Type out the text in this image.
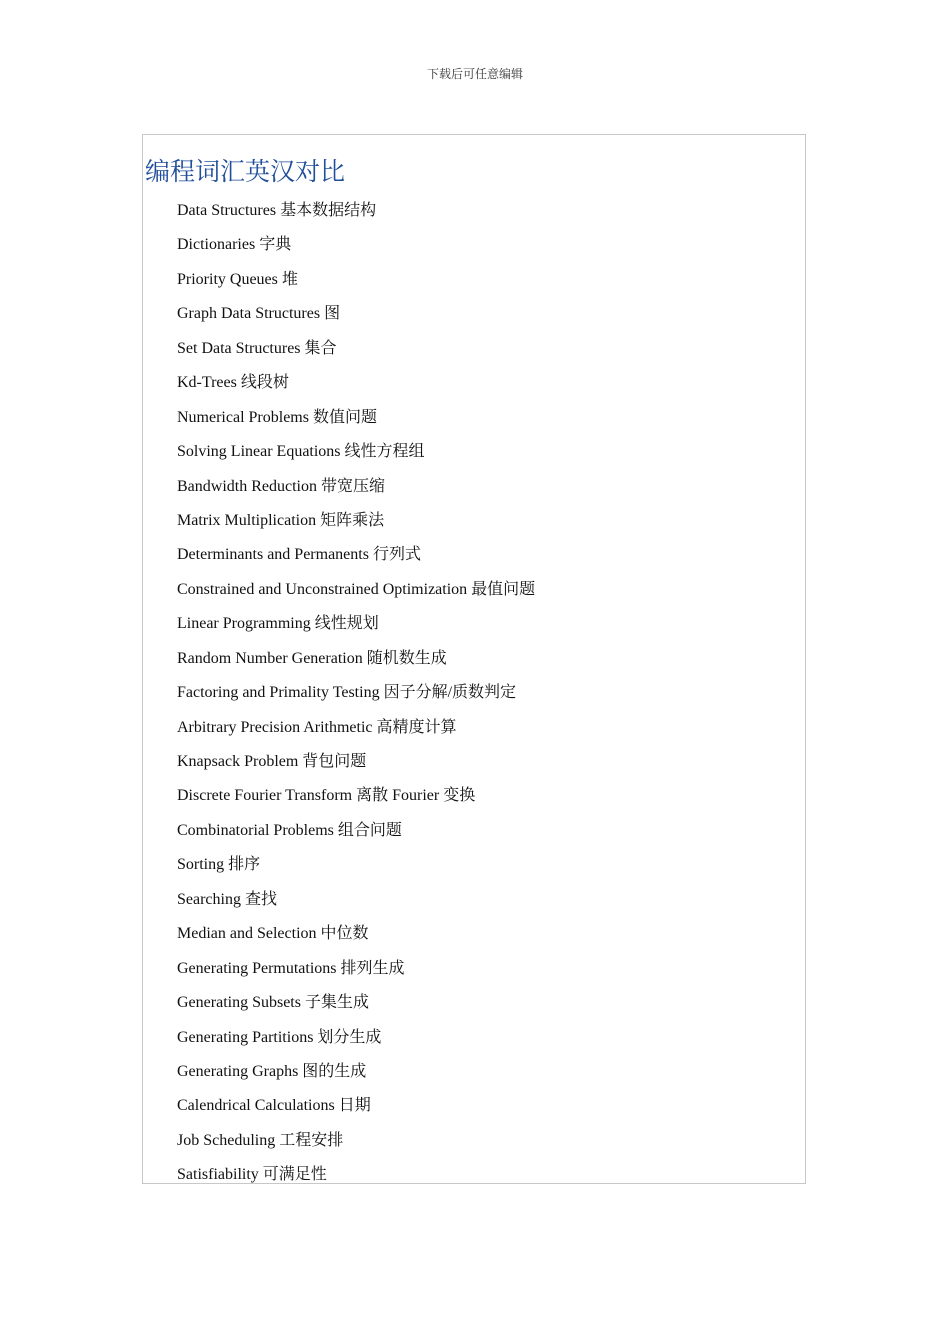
下载后可任意编辑
编程词汇英汉对比
Data Structures 基本数据结构
Dictionaries 字典
Priority Queues 堆
Graph Data Structures 图
Set Data Structures 集合
Kd-Trees 线段树
Numerical Problems 数值问题
Solving Linear Equations 线性方程组
Bandwidth Reduction 带宽压缩
Matrix Multiplication 矩阵乘法
Determinants and Permanents 行列式
Constrained and Unconstrained Optimization 最值问题
Linear Programming 线性规划
Random Number Generation 随机数生成
Factoring and Primality Testing 因子分解/质数判定
Arbitrary Precision Arithmetic 高精度计算
Knapsack Problem 背包问题
Discrete Fourier Transform 离散 Fourier 变换
Combinatorial Problems 组合问题
Sorting 排序
Searching 查找
Median and Selection 中位数
Generating Permutations 排列生成
Generating Subsets 子集生成
Generating Partitions 划分生成
Generating Graphs 图的生成
Calendrical Calculations 日期
Job Scheduling 工程安排
Satisfiability 可满足性
